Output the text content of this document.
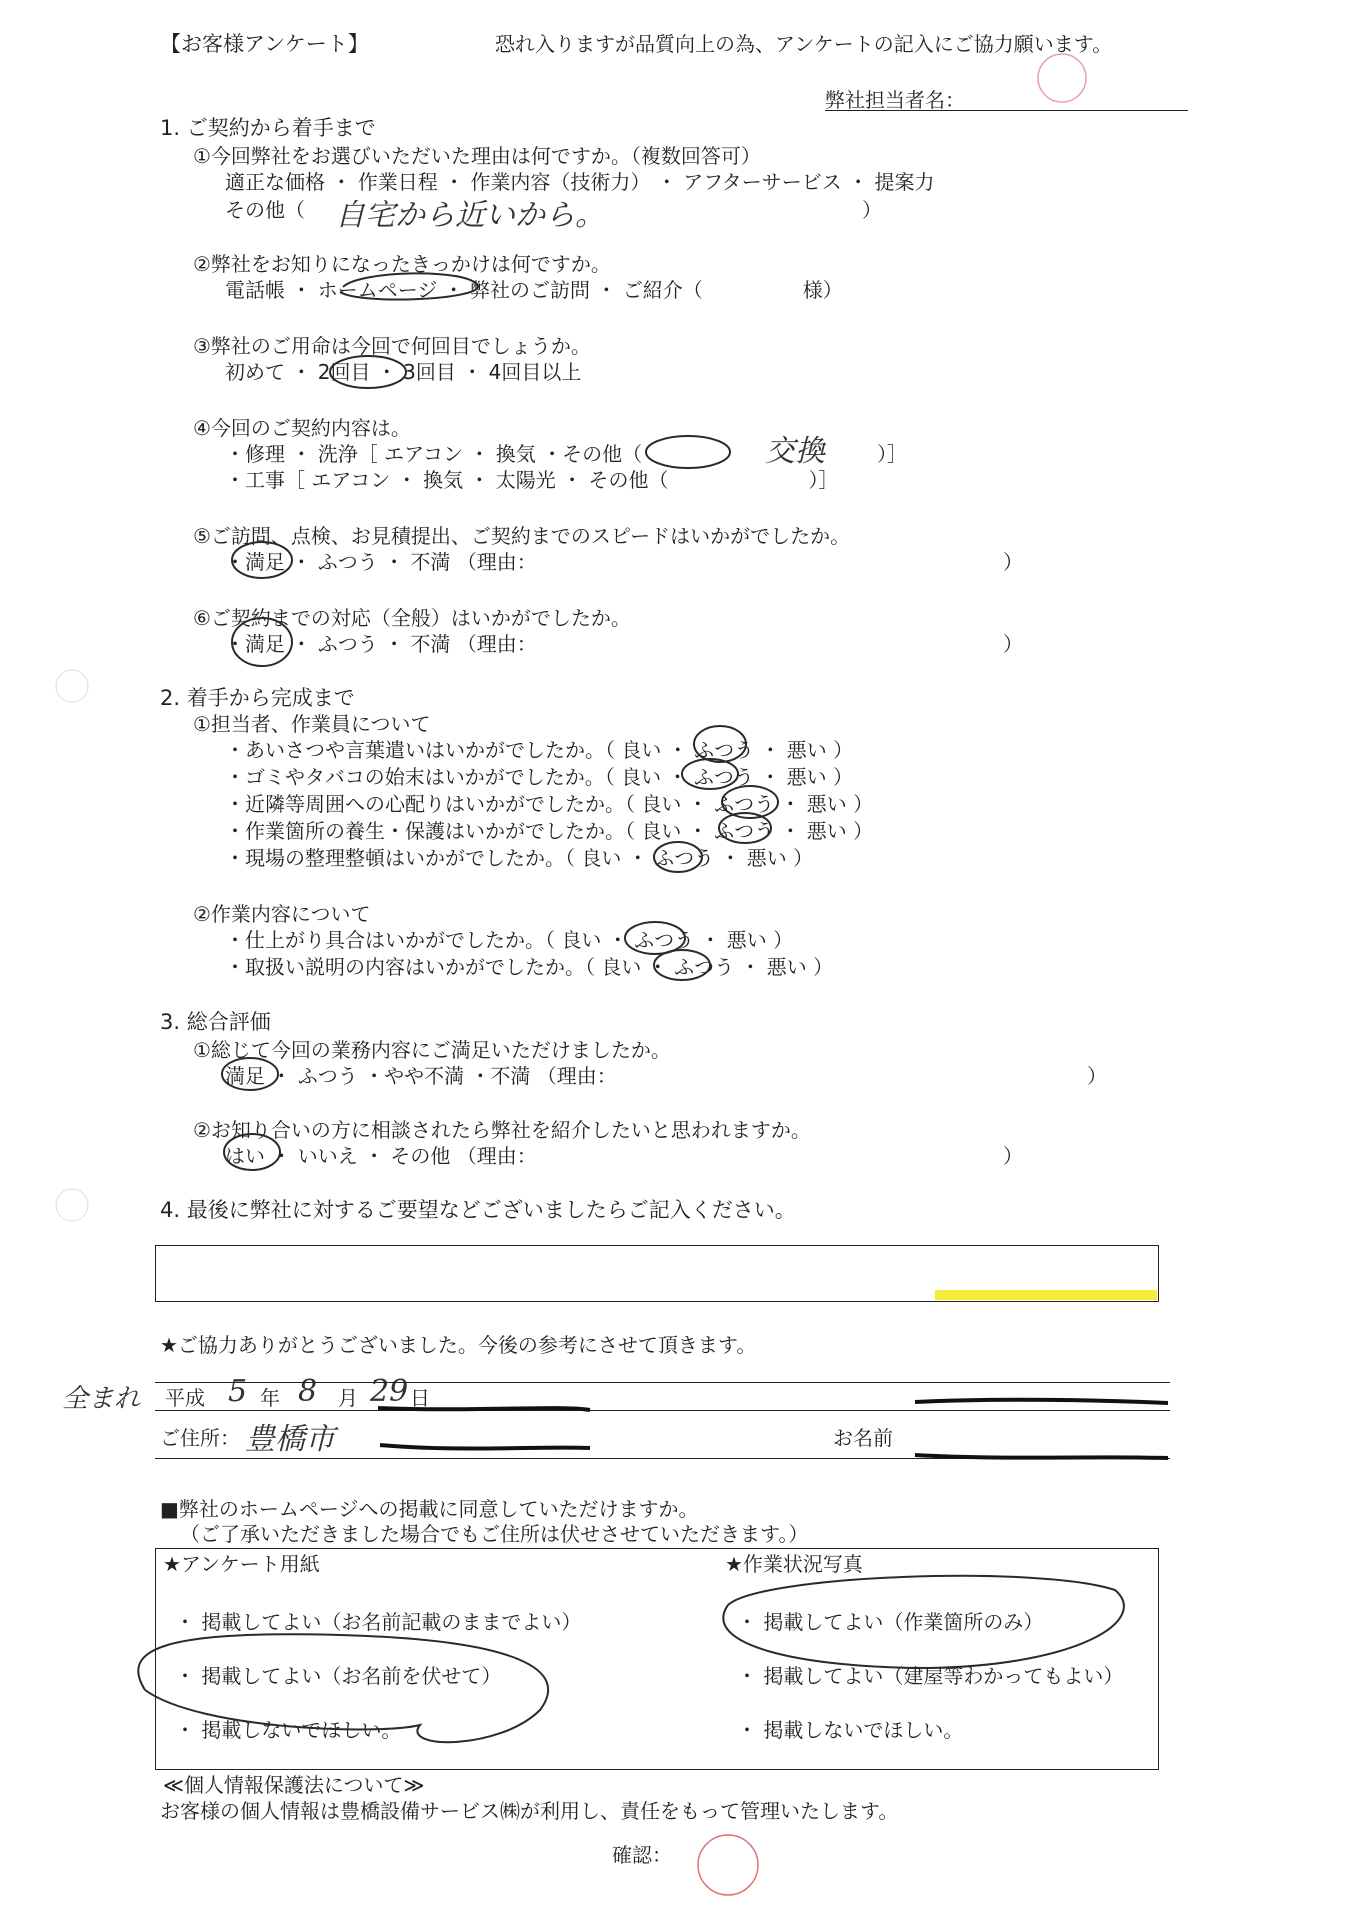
【お客様アンケート】	恐れ入りますが品質向上の為、アンケートの記入にご協力願います。
弊社担当者名：
1. ご契約から着手まで
①今回弊社をお選びいただいた理由は何ですか。（複数回答可）
適正な価格 ・ 作業日程 ・ 作業内容（技術力） ・ アフターサービス ・ 提案力
その他（ 自宅から近いから。	）
②弊社をお知りになったきっかけは何ですか。
電話帳 ・ ホームページ ・ 弊社のご訪問 ・ ご紹介（　　　　　様）
③弊社のご用命は今回で何回目でしょうか。
初めて ・ 2回目 ・ 3回目 ・ 4回目以上
④今回のご契約内容は。
・修理 ・ 洗浄［ エアコン ・ 換気 ・その他（	交換	）］
・工事［ エアコン ・ 換気 ・ 太陽光 ・ その他（　　　　　　　）］
⑤ご訪問、点検、お見積提出、ご契約までのスピードはいかがでしたか。
・満足 ・ ふつう ・ 不満 （理由：	）
⑥ご契約までの対応（全般）はいかがでしたか。
・満足 ・ ふつう ・ 不満 （理由：	）
2. 着手から完成まで
①担当者、作業員について
・あいさつや言葉遣いはいかがでしたか。（ 良い ・ ふつう ・ 悪い ）
・ゴミやタバコの始末はいかがでしたか。（ 良い ・ ふつう ・ 悪い ）
・近隣等周囲への心配りはいかがでしたか。（ 良い ・ ふつう ・ 悪い ）
・作業箇所の養生・保護はいかがでしたか。（ 良い ・ ふつう ・ 悪い ）
・現場の整理整頓はいかがでしたか。（ 良い ・ ふつう ・ 悪い ）
②作業内容について
・仕上がり具合はいかがでしたか。（ 良い ・ ふつう ・ 悪い ）
・取扱い説明の内容はいかがでしたか。（ 良い ・ ふつう ・ 悪い ）
3. 総合評価
①総じて今回の業務内容にご満足いただけましたか。
満足 ・ ふつう ・やや不満 ・不満 （理由：	）
②お知り合いの方に相談されたら弊社を紹介したいと思われますか。
はい ・ いいえ ・ その他 （理由：	）
4. 最後に弊社に対するご要望などございましたらご記入ください。
★ご協力ありがとうございました。今後の参考にさせて頂きます。
全まれ 平成 5 年 8 月 29 日
ご住所： 豊橋市	お名前
■弊社のホームページへの掲載に同意していただけますか。
（ご了承いただきました場合でもご住所は伏せさせていただきます。）
★アンケート用紙
・ 掲載してよい（お名前記載のままでよい）
・ 掲載してよい（お名前を伏せて）
・ 掲載しないでほしい。
★作業状況写真
・ 掲載してよい（作業箇所のみ）
・ 掲載してよい（建屋等わかってもよい）
・ 掲載しないでほしい。
≪個人情報保護法について≫
お客様の個人情報は豊橋設備サービス㈱が利用し、責任をもって管理いたします。
確認：
